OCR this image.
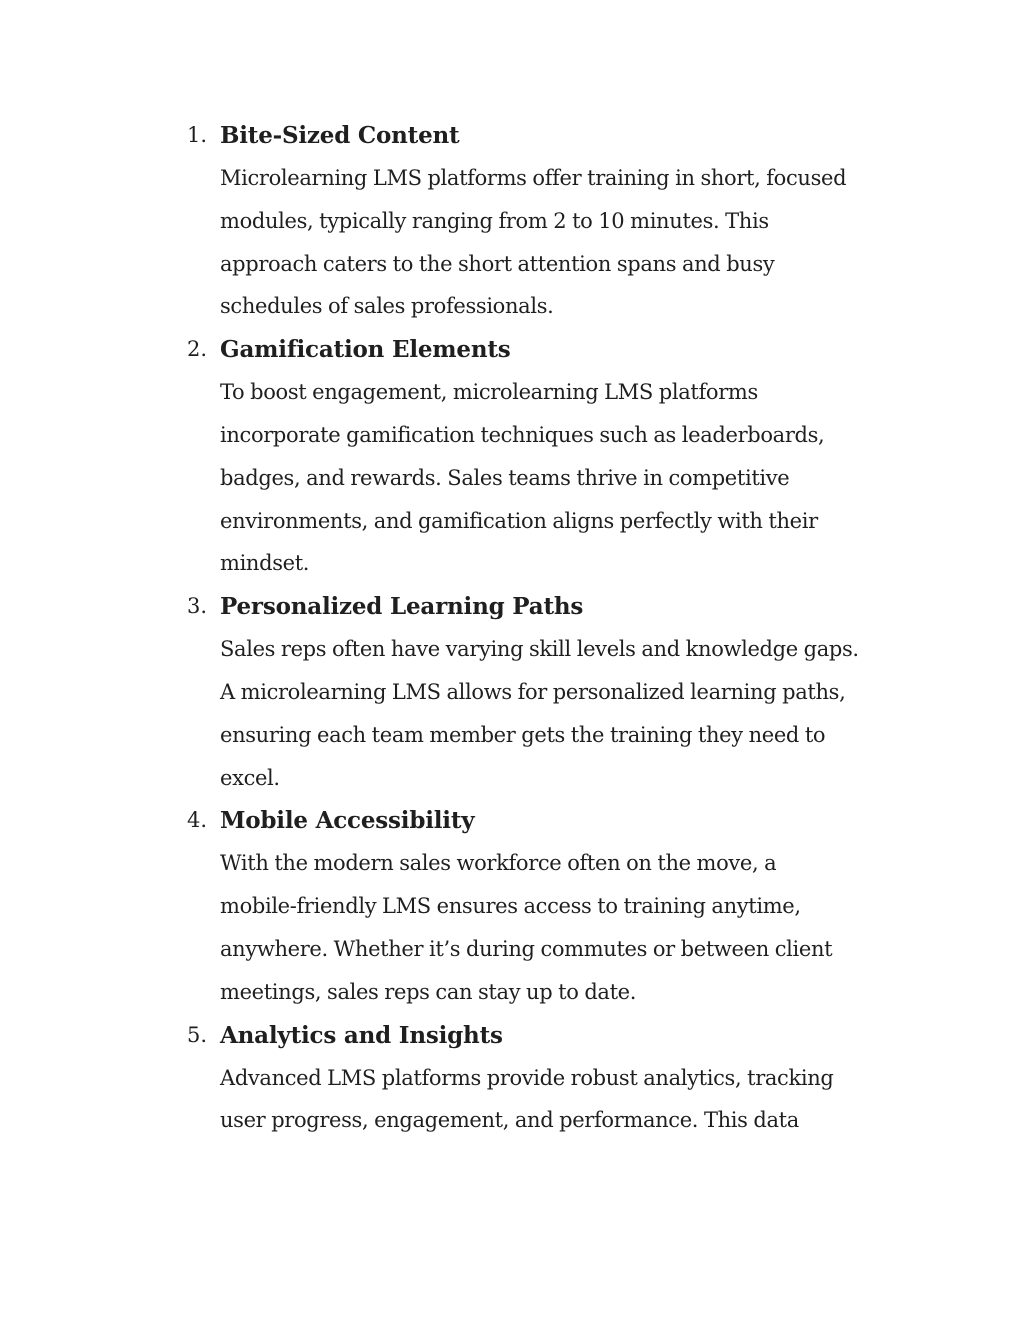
1. Bite-Sized Content
Microlearning LMS platforms offer training in short, focused
modules, typically ranging from 2 to 10 minutes. This
approach caters to the short attention spans and busy
schedules of sales professionals.
2. Gamification Elements
To boost engagement, microlearning LMS platforms
incorporate gamification techniques such as leaderboards,
badges, and rewards. Sales teams thrive in competitive
environments, and gamification aligns perfectly with their
mindset.
3. Personalized Learning Paths
Sales reps often have varying skill levels and knowledge gaps.
A microlearning LMS allows for personalized learning paths,
ensuring each team member gets the training they need to
excel.
4. Mobile Accessibility
With the modern sales workforce often on the move, a
mobile-friendly LMS ensures access to training anytime,
anywhere. Whether it’s during commutes or between client
meetings, sales reps can stay up to date.
5. Analytics and Insights
Advanced LMS platforms provide robust analytics, tracking
user progress, engagement, and performance. This data
